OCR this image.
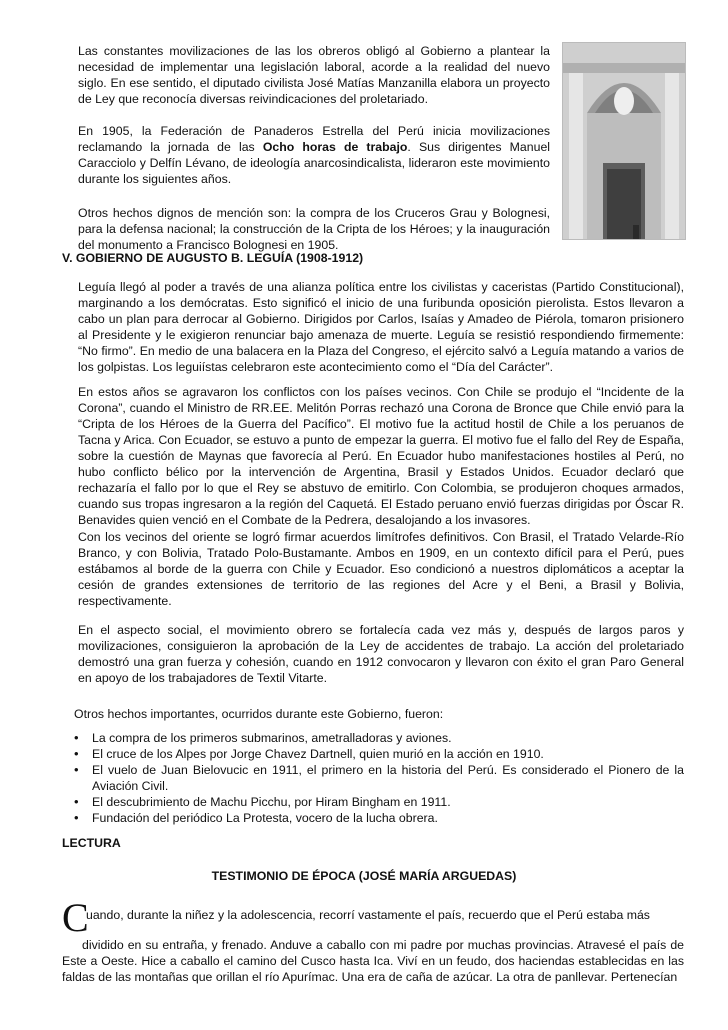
Las constantes movilizaciones de las los obreros obligó al Gobierno a plantear la necesidad de implementar una legislación laboral, acorde a la realidad del nuevo siglo. En ese sentido, el diputado civilista José Matías Manzanilla elabora un proyecto de Ley que reconocía diversas reivindicaciones del proletariado.

En 1905, la Federación de Panaderos Estrella del Perú inicia movilizaciones reclamando la jornada de las Ocho horas de trabajo. Sus dirigentes Manuel Caracciolo y Delfín Lévano, de ideología anarcosindicalista, lideraron este movimiento durante los siguientes años.

Otros hechos dignos de mención son: la compra de los Cruceros Grau y Bolognesi, para la defensa nacional; la construcción de la Cripta de los Héroes; y la inauguración del monumento a Francisco Bolognesi en 1905.

V. GOBIERNO DE AUGUSTO B. LEGUÍA (1908-1912)

Leguía llegó al poder a través de una alianza política entre los civilistas y caceristas (Partido Constitucional), marginando a los demócratas. Esto significó el inicio de una furibunda oposición pierolista. Estos llevaron a cabo un plan para derrocar al Gobierno. Dirigidos por Carlos, Isaías y Amadeo de Piérola, tomaron prisionero al Presidente y le exigieron renunciar bajo amenaza de muerte. Leguía se resistió respondiendo firmemente: “No firmo”. En medio de una balacera en la Plaza del Congreso, el ejército salvó a Leguía matando a varios de los golpistas. Los leguiístas celebraron este acontecimiento como el “Día del Carácter”.

En estos años se agravaron los conflictos con los países vecinos. Con Chile se produjo el “Incidente de la Corona”, cuando el Ministro de RR.EE. Melitón Porras rechazó una Corona de Bronce que Chile envió para la “Cripta de los Héroes de la Guerra del Pacífico”. El motivo fue la actitud hostil de Chile a los peruanos de Tacna y Arica. Con Ecuador, se estuvo a punto de empezar la guerra. El motivo fue el fallo del Rey de España, sobre la cuestión de Maynas que favorecía al Perú. En Ecuador hubo manifestaciones hostiles al Perú, no hubo conflicto bélico por la intervención de Argentina, Brasil y Estados Unidos. Ecuador declaró que rechazaría el fallo por lo que el Rey se abstuvo de emitirlo. Con Colombia, se produjeron choques armados, cuando sus tropas ingresaron a la región del Caquetá. El Estado peruano envió fuerzas dirigidas por Óscar R. Benavides quien venció en el Combate de la Pedrera, desalojando a los invasores.

Con los vecinos del oriente se logró firmar acuerdos limítrofes definitivos. Con Brasil, el Tratado Velarde-Río Branco, y con Bolivia, Tratado Polo-Bustamante. Ambos en 1909, en un contexto difícil para el Perú, pues estábamos al borde de la guerra con Chile y Ecuador. Eso condicionó a nuestros diplomáticos a aceptar la cesión de grandes extensiones de territorio de las regiones del Acre y el Beni, a Brasil y Bolivia, respectivamente.

En el aspecto social, el movimiento obrero se fortalecía cada vez más y, después de largos paros y movilizaciones, consiguieron la aprobación de la Ley de accidentes de trabajo. La acción del proletariado demostró una gran fuerza y cohesión, cuando en 1912 convocaron y llevaron con éxito el gran Paro General en apoyo de los trabajadores de Textil Vitarte.

Otros hechos importantes, ocurridos durante este Gobierno, fueron:
• La compra de los primeros submarinos, ametralladoras y aviones.
• El cruce de los Alpes por Jorge Chavez Dartnell, quien murió en la acción en 1910.
• El vuelo de Juan Bielovucic en 1911, el primero en la historia del Perú. Es considerado el Pionero de la Aviación Civil.
• El descubrimiento de Machu Picchu, por Hiram Bingham en 1911.
• Fundación del periódico La Protesta, vocero de la lucha obrera.
LECTURA
TESTIMONIO DE ÉPOCA (JOSÉ MARÍA ARGUEDAS)
C

uando, durante la niñez y la adolescencia, recorrí vastamente el país, recuerdo que el Perú estaba más

dividido en su entraña, y frenado. Anduve a caballo con mi padre por muchas provincias. Atravesé el país de Este a Oeste. Hice a caballo el camino del Cusco hasta Ica. Viví en un feudo, dos haciendas establecidas en las faldas de las montañas que orillan el río Apurímac. Una era de caña de azúcar. La otra de panllevar. Pertenecían
